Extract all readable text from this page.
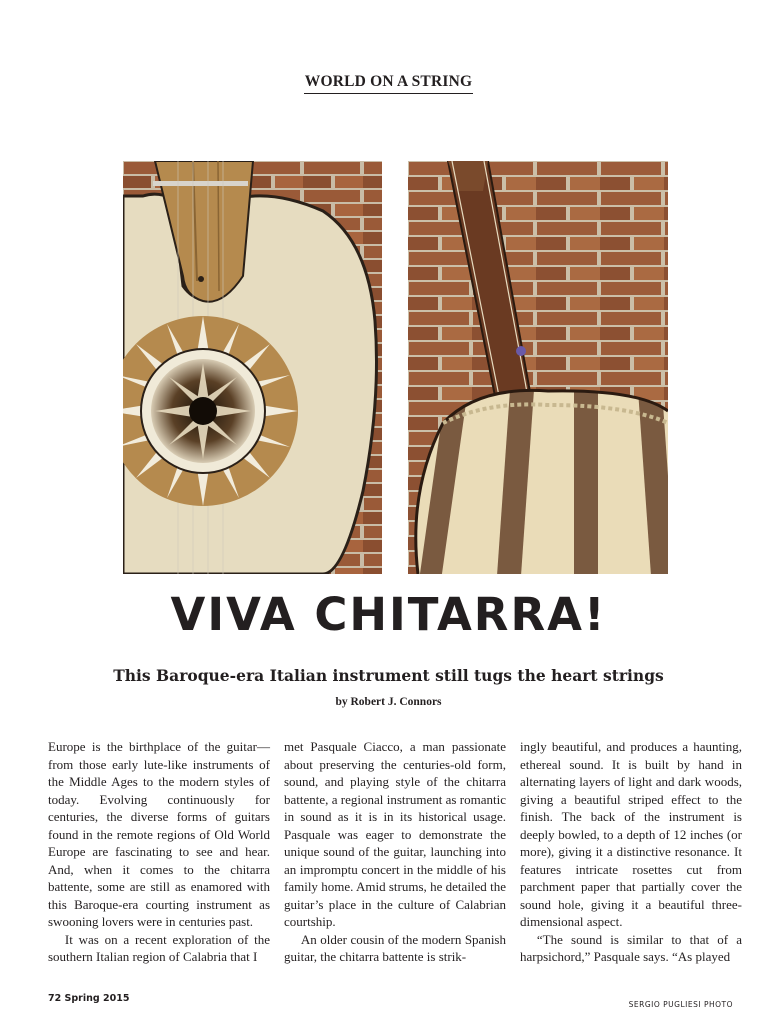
WORLD ON A STRING
VIVA CHITARRA!
This Baroque-era Italian instrument still tugs the heart strings
by Robert J. Connors

Europe is the birthplace of the guitar—from those early lute-like instruments of the Middle Ages to the modern styles of today. Evolving continuously for centuries, the diverse forms of guitars found in the remote regions of Old World Europe are fascinating to see and hear. And, when it comes to the chitarra battente, some are still as enamored with this Baroque-era courting instrument as swooning lovers were in centuries past.

It was on a recent exploration of the southern Italian region of Calabria that I

met Pasquale Ciacco, a man passionate about preserving the centuries-old form, sound, and playing style of the chitarra battente, a regional instrument as romantic in sound as it is in its historical usage. Pasquale was eager to demonstrate the unique sound of the guitar, launching into an impromptu concert in the middle of his family home. Amid strums, he detailed the guitar’s place in the culture of Calabrian courtship.

An older cousin of the modern Spanish guitar, the chitarra battente is strik-

ingly beautiful, and produces a haunting, ethereal sound. It is built by hand in alternating layers of light and dark woods, giving a beautiful striped effect to the finish. The back of the instrument is deeply bowled, to a depth of 12 inches (or more), giving it a distinctive resonance. It features intricate rosettes cut from parchment paper that partially cover the sound hole, giving it a beautiful three-dimensional aspect.

“The sound is similar to that of a harpsichord,” Pasquale says. “As played

72 Spring 2015
SERGIO PUGLIESI PHOTO
